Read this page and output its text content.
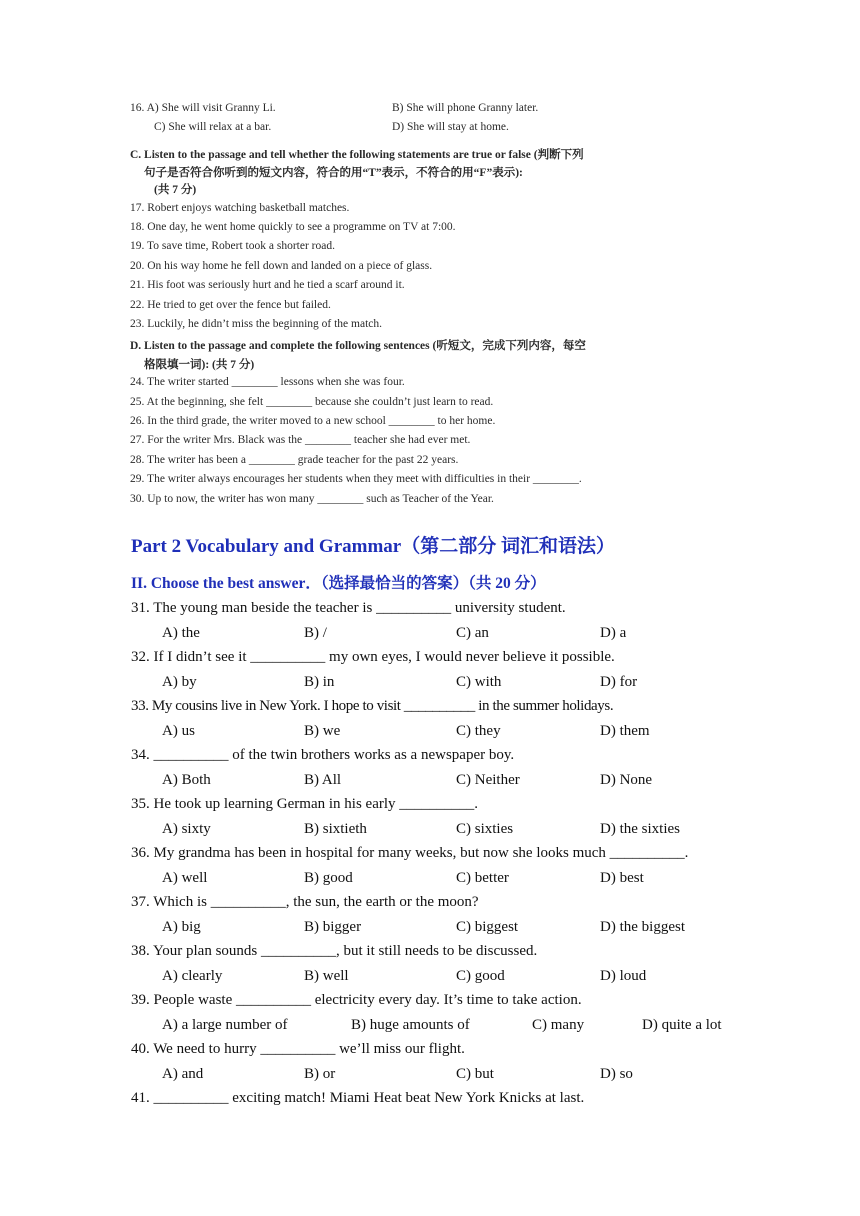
16. A) She will visit Granny Li.	B) She will phone Granny later.
C) She will relax at a bar.	D) She will stay at home.
C. Listen to the passage and tell whether the following statements are true or false (判断下列
句子是否符合你听到的短文内容，符合的用“T”表示，不符合的用“F”表示):
(共 7 分)
17. Robert enjoys watching basketball matches.
18. One day, he went home quickly to see a programme on TV at 7:00.
19. To save time, Robert took a shorter road.
20. On his way home he fell down and landed on a piece of glass.
21. His foot was seriously hurt and he tied a scarf around it.
22. He tried to get over the fence but failed.
23. Luckily, he didn’t miss the beginning of the match.
D. Listen to the passage and complete the following sentences (听短文，完成下列内容，每空
格限填一词): (共 7 分)
24. The writer started ________ lessons when she was four.
25. At the beginning, she felt ________ because she couldn’t just learn to read.
26. In the third grade, the writer moved to a new school ________ to her home.
27. For the writer Mrs. Black was the ________ teacher she had ever met.
28. The writer has been a ________ grade teacher for the past 22 years.
29. The writer always encourages her students when they meet with difficulties in their ________.
30. Up to now, the writer has won many ________ such as Teacher of the Year.
Part 2 Vocabulary and Grammar（第二部分 词汇和语法）
II. Choose the best answer．（选择最恰当的答案）（共 20 分）
31. The young man beside the teacher is __________ university student.
A) the	B) /	C) an	D) a
32. If I didn’t see it __________ my own eyes, I would never believe it possible.
A) by	B) in	C) with	D) for
33. My cousins live in New York. I hope to visit __________ in the summer holidays.
A) us	B) we	C) they	D) them
34. __________ of the twin brothers works as a newspaper boy.
A) Both	B) All	C) Neither	D) None
35. He took up learning German in his early __________.
A) sixty	B) sixtieth	C) sixties	D) the sixties
36. My grandma has been in hospital for many weeks, but now she looks much __________.
A) well	B) good	C) better	D) best
37. Which is __________, the sun, the earth or the moon?
A) big	B) bigger	C) biggest	D) the biggest
38. Your plan sounds __________, but it still needs to be discussed.
A) clearly	B) well	C) good	D) loud
39. People waste __________ electricity every day. It’s time to take action.
A) a large number of	B) huge amounts of	C) many	D) quite a lot
40. We need to hurry __________ we’ll miss our flight.
A) and	B) or	C) but	D) so
41. __________ exciting match! Miami Heat beat New York Knicks at last.
